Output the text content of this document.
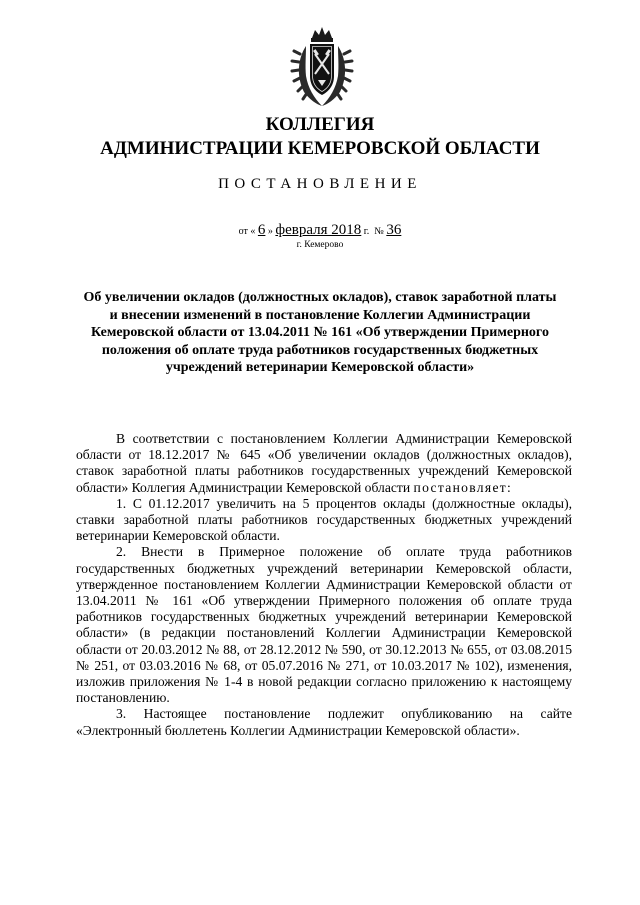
КОЛЛЕГИЯ
АДМИНИСТРАЦИИ КЕМЕРОВСКОЙ ОБЛАСТИ
ПОСТАНОВЛЕНИЕ
от « 6 » февраля 2018 г. № 36
г. Кемерово
Об увеличении окладов (должностных окладов), ставок заработной платы и внесении изменений в постановление Коллегии Администрации Кемеровской области от 13.04.2011 № 161 «Об утверждении Примерного положения об оплате труда работников государственных бюджетных учреждений ветеринарии Кемеровской области»

В соответствии с постановлением Коллегии Администрации Кемеровской области от 18.12.2017 № 645 «Об увеличении окладов (должностных окладов), ставок заработной платы работников государственных учреждений Кемеровской области» Коллегия Администрации Кемеровской области постановляет:

1. С 01.12.2017 увеличить на 5 процентов оклады (должностные оклады), ставки заработной платы работников государственных бюджетных учреждений ветеринарии Кемеровской области.

2. Внести в Примерное положение об оплате труда работников государственных бюджетных учреждений ветеринарии Кемеровской области, утвержденное постановлением Коллегии Администрации Кемеровской области от 13.04.2011 № 161 «Об утверждении Примерного положения об оплате труда работников государственных бюджетных учреждений ветеринарии Кемеровской области» (в редакции постановлений Коллегии Администрации Кемеровской области от 20.03.2012 № 88, от 28.12.2012 № 590, от 30.12.2013 № 655, от 03.08.2015 № 251, от 03.03.2016 № 68, от 05.07.2016 № 271, от 10.03.2017 № 102), изменения, изложив приложения № 1-4 в новой редакции согласно приложению к настоящему постановлению.

3. Настоящее постановление подлежит опубликованию на сайте «Электронный бюллетень Коллегии Администрации Кемеровской области».
